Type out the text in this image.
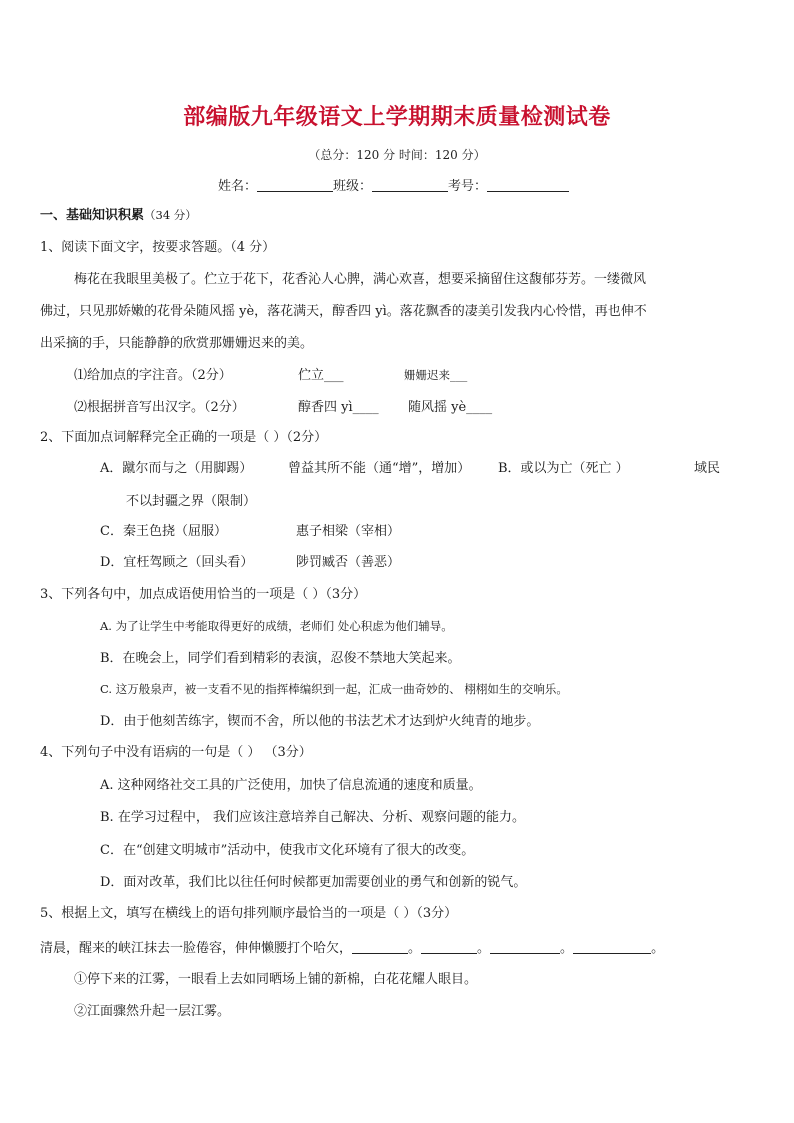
部编版九年级语文上学期期末质量检测试卷
（总分：120 分 时间：120 分）
姓名：	班级：	考号：
一、基础知识积累（34 分）
1、阅读下面文字，按要求答题。（4 分）
梅花在我眼里美极了。伫立于花下，花香沁人心脾，满心欢喜，想要采摘留住这馥郁芬芳。一缕微风
佛过，只见那娇嫩的花骨朵随风摇 yè，落花满天，醇香四 yì。落花飘香的凄美引发我内心怜惜，再也伸不
出采摘的手，只能静静的欣赏那姗姗迟来的美。
⑴给加点的字注音。（2分）	伫立___	姗姗迟来___
⑵根据拼音写出汉字。（2分）	醇香四 yì____ 随风摇 yè____
2、下面加点词解释完全正确的一项是（ ）（2分）
A．蹴尔而与之（用脚踢）	曾益其所不能（通“增”，增加） B．或以为亡（死亡 ）	域民
不以封疆之界（限制）
C．秦王色挠（屈服）	惠子相梁（宰相）
D．宜枉驾顾之（回头看）	陟罚臧否（善恶）
3、下列各句中，加点成语使用恰当的一项是（ ）（3分）
A. 为了让学生中考能取得更好的成绩，老师们 处心积虑为他们辅导。
B．在晚会上，同学们看到精彩的表演，忍俊不禁地大笑起来。
C. 这万般泉声，被一支看不见的指挥棒编织到一起，汇成一曲奇妙的、 栩栩如生的交响乐。
D．由于他刻苦练字，锲而不舍，所以他的书法艺术才达到炉火纯青的地步。
4、下列句子中没有语病的一句是（ ） （3分）
A. 这种网络社交工具的广泛使用，加快了信息流通的速度和质量。
B. 在学习过程中， 我们应该注意培养自己解决、分析、观察问题的能力。
C．在“创建文明城市”活动中，使我市文化环境有了很大的改变。
D．面对改革，我们比以往任何时候都更加需要创业的勇气和创新的锐气。
5、根据上文，填写在横线上的语句排列顺序最恰当的一项是（ ）（3分）
清晨，醒来的峡江抹去一脸倦容，伸伸懒腰打个哈欠，	。	。	。	。
①停下来的江雾，一眼看上去如同晒场上铺的新棉，白花花耀人眼目。
②江面骤然升起一层江雾。
